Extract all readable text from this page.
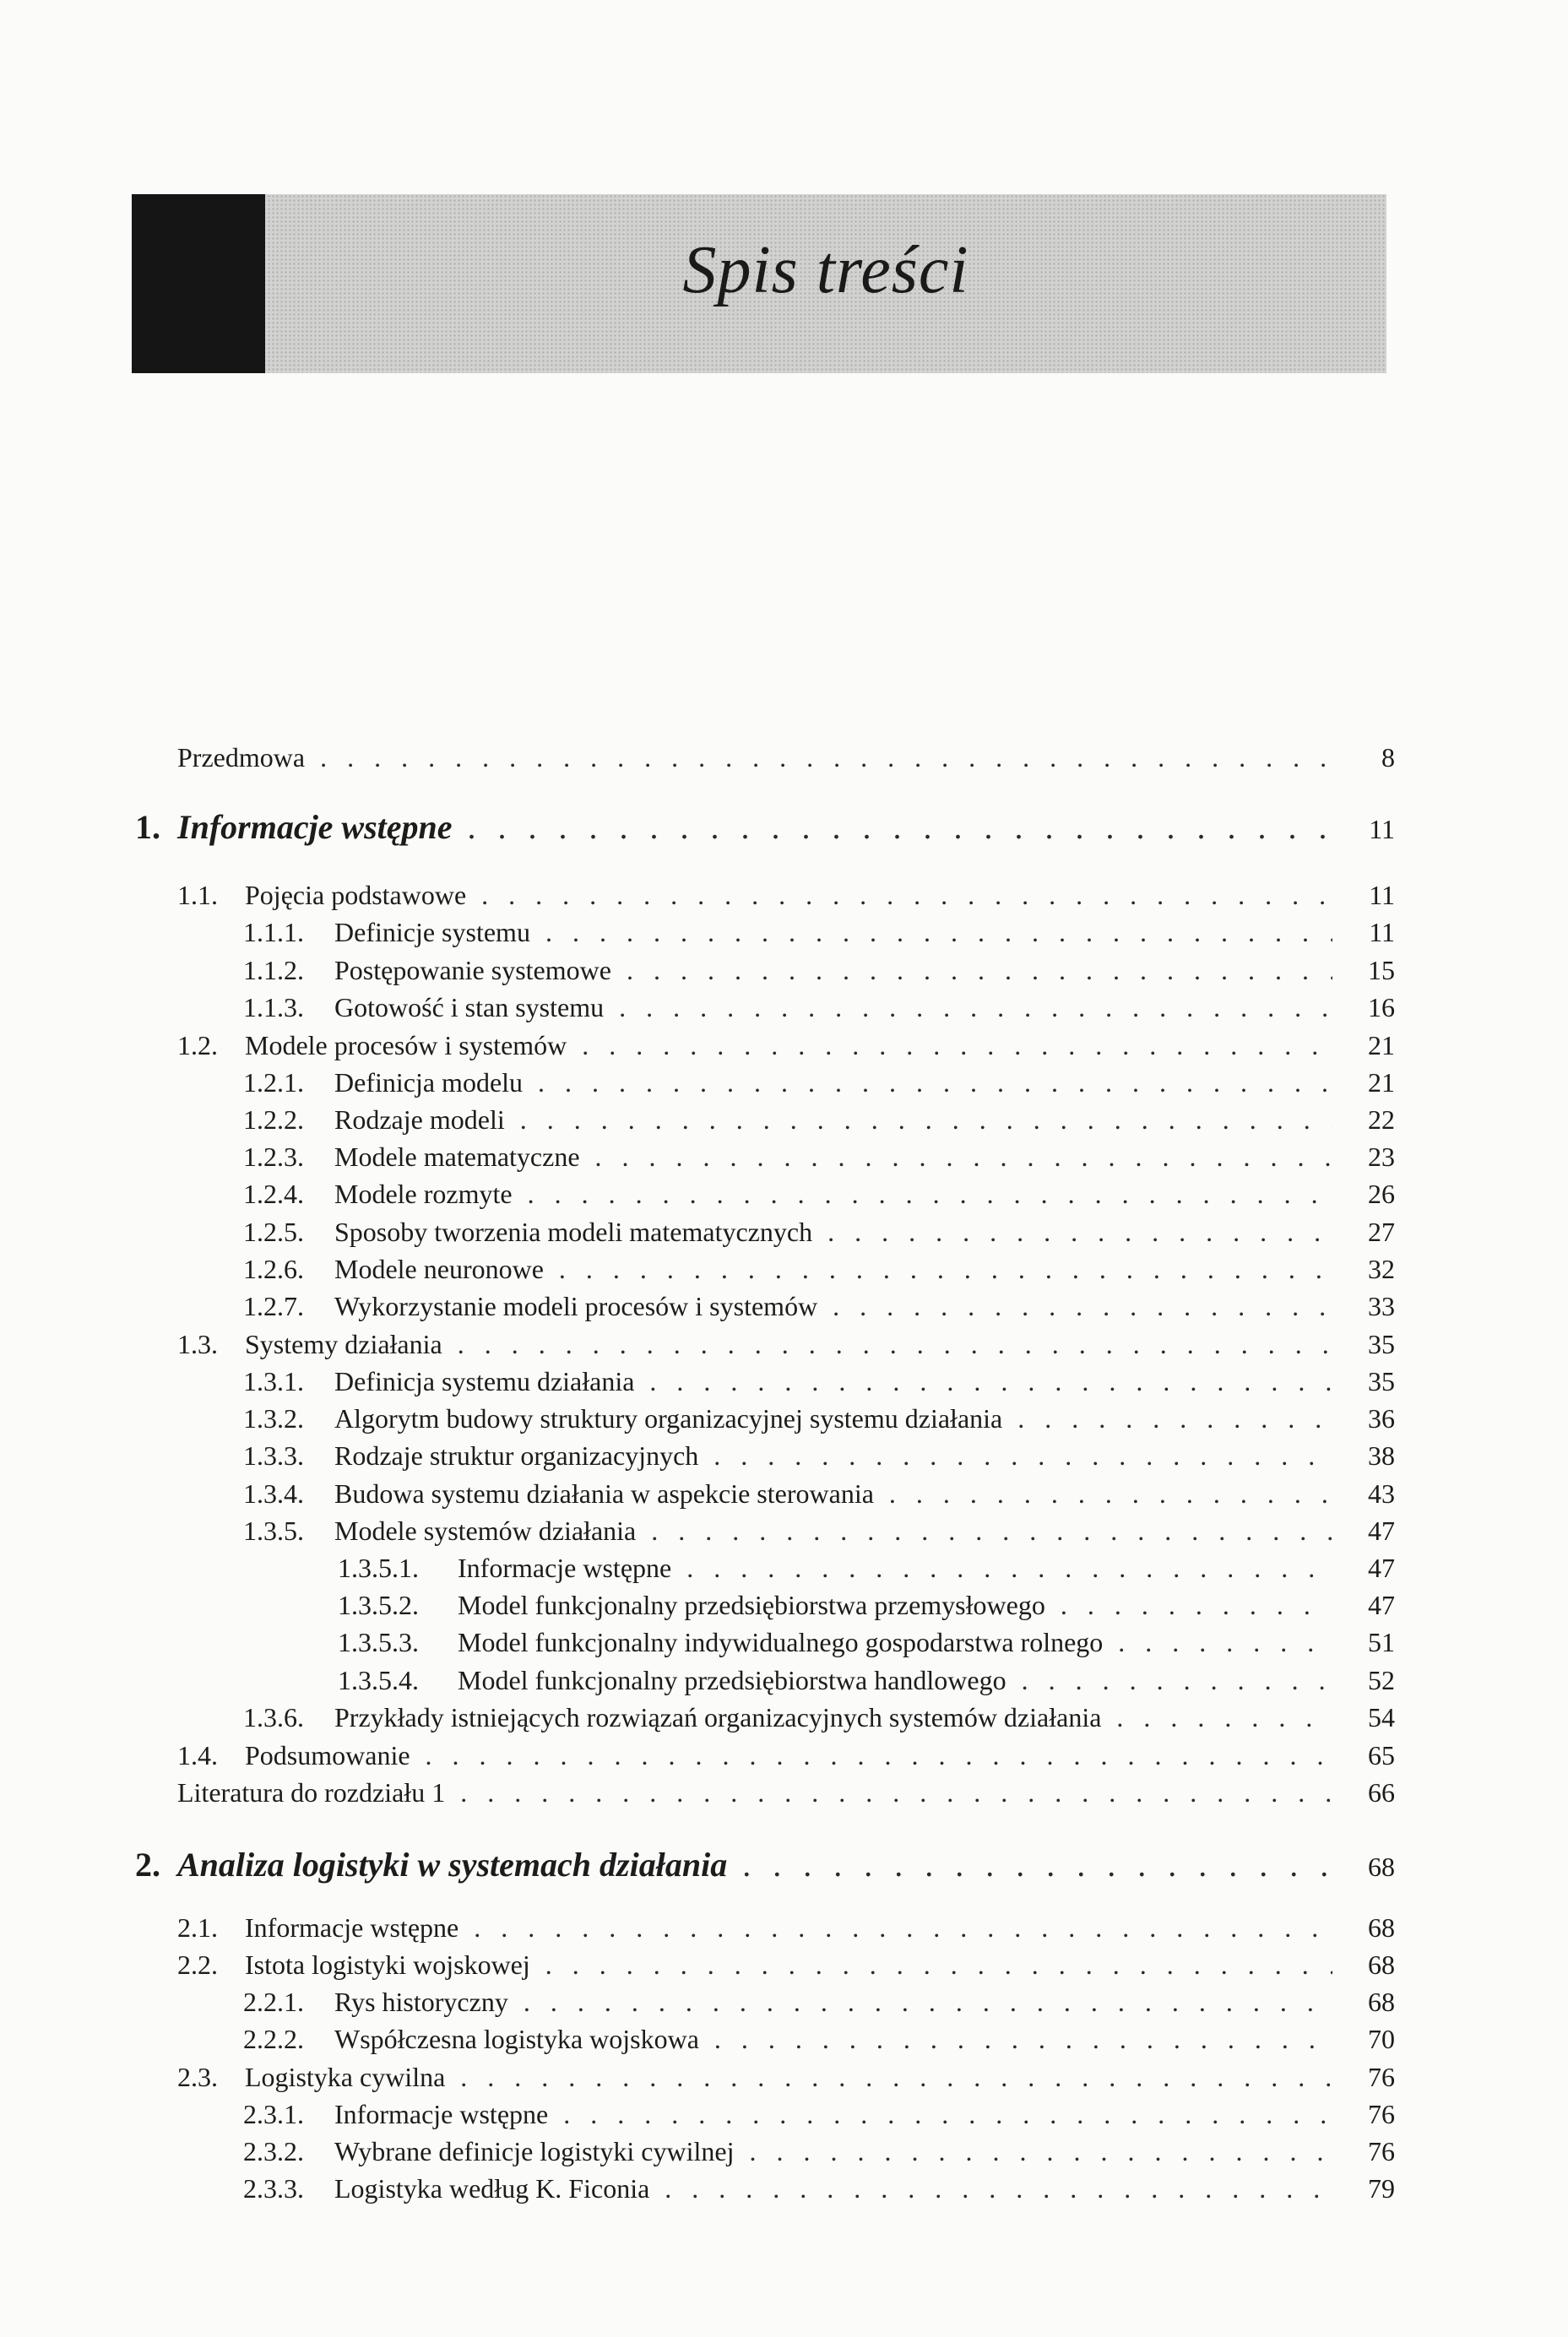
Spis treści
Przedmowa . . .	8
1. Informacje wstępne . . .	11
1.1.	Pojęcia podstawowe . . .	11
1.1.1.	Definicje systemu . . .	11
1.1.2.	Postępowanie systemowe . . .	15
1.1.3.	Gotowość i stan systemu . . .	16
1.2.	Modele procesów i systemów . . .	21
1.2.1.	Definicja modelu . . .	21
1.2.2.	Rodzaje modeli . . .	22
1.2.3.	Modele matematyczne . . .	23
1.2.4.	Modele rozmyte . . .	26
1.2.5.	Sposoby tworzenia modeli matematycznych . . .	27
1.2.6.	Modele neuronowe . . .	32
1.2.7.	Wykorzystanie modeli procesów i systemów . . .	33
1.3.	Systemy działania . . .	35
1.3.1.	Definicja systemu działania . . .	35
1.3.2.	Algorytm budowy struktury organizacyjnej systemu działania . . .	36
1.3.3.	Rodzaje struktur organizacyjnych . . .	38
1.3.4.	Budowa systemu działania w aspekcie sterowania . . .	43
1.3.5.	Modele systemów działania . . .	47
1.3.5.1.	Informacje wstępne . . .	47
1.3.5.2.	Model funkcjonalny przedsiębiorstwa przemysłowego . . .	47
1.3.5.3.	Model funkcjonalny indywidualnego gospodarstwa rolnego . . .	51
1.3.5.4.	Model funkcjonalny przedsiębiorstwa handlowego . . .	52
1.3.6.	Przykłady istniejących rozwiązań organizacyjnych systemów działania . . .	54
1.4.	Podsumowanie . . .	65
Literatura do rozdziału 1 . . .	66
2. Analiza logistyki w systemach działania . . .	68
2.1.	Informacje wstępne . . .	68
2.2.	Istota logistyki wojskowej . . .	68
2.2.1.	Rys historyczny . . .	68
2.2.2.	Współczesna logistyka wojskowa . . .	70
2.3.	Logistyka cywilna . . .	76
2.3.1.	Informacje wstępne . . .	76
2.3.2.	Wybrane definicje logistyki cywilnej . . .	76
2.3.3.	Logistyka według K. Ficonia . . .	79
